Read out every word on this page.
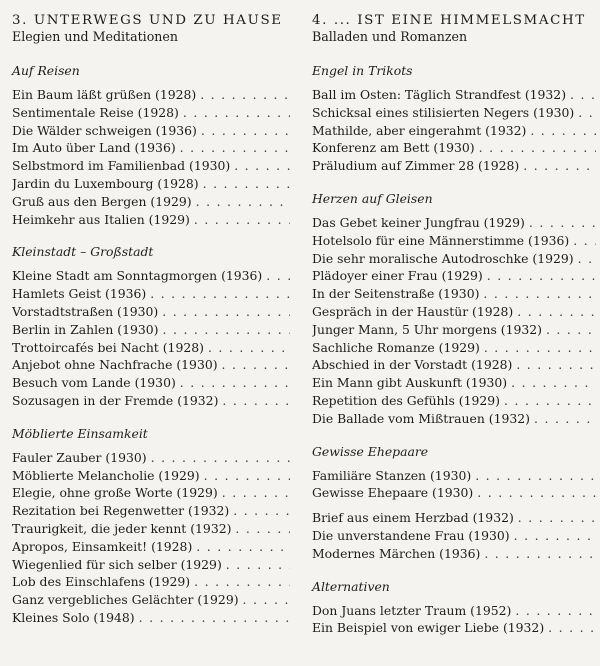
3. UNTERWEGS UND ZU HAUSE
Elegien und Meditationen
Auf Reisen
Ein Baum läßt grüßen (1928)
. . .
Sentimentale Reise (1928)
. . .
Die Wälder schweigen (1936)
. . .
Im Auto über Land (1936)
. . .
Selbstmord im Familienbad (1930)
. . .
Jardin du Luxembourg (1928)
. . .
Gruß aus den Bergen (1929)
. . .
Heimkehr aus Italien (1929)
. . .
Kleinstadt – Großstadt
Kleine Stadt am Sonntagmorgen (1936)
. . .
Hamlets Geist (1936)
. . .
Vorstadtstraßen (1930)
. . .
Berlin in Zahlen (1930)
. . .
Trottoircafés bei Nacht (1928)
. . .
Anjebot ohne Nachfrache (1930)
. . .
Besuch vom Lande (1930)
. . .
Sozusagen in der Fremde (1932)
. . .
Möblierte Einsamkeit
Fauler Zauber (1930)
. . .
Möblierte Melancholie (1929)
. . .
Elegie, ohne große Worte (1929)
. . .
Rezitation bei Regenwetter (1932)
. . .
Traurigkeit, die jeder kennt (1932)
. . .
Apropos, Einsamkeit! (1928)
. . .
Wiegenlied für sich selber (1929)
. . .
Lob des Einschlafens (1929)
. . .
Ganz vergebliches Gelächter (1929)
. . .
Kleines Solo (1948)
. . .
4. ... IST EINE HIMMELSMACHT
Balladen und Romanzen
Engel in Trikots
Ball im Osten: Täglich Strandfest (1932)
. . .
Schicksal eines stilisierten Negers (1930)
. . .
Mathilde, aber eingerahmt (1932)
. . .
Konferenz am Bett (1930)
. . .
Präludium auf Zimmer 28 (1928)
. . .
Herzen auf Gleisen
Das Gebet keiner Jungfrau (1929)
. . .
Hotelsolo für eine Männerstimme (1936)
. . .
Die sehr moralische Autodroschke (1929)
. . .
Plädoyer einer Frau (1929)
. . .
In der Seitenstraße (1930)
. . .
Gespräch in der Haustür (1928)
. . .
Junger Mann, 5 Uhr morgens (1932)
. . .
Sachliche Romanze (1929)
. . .
Abschied in der Vorstadt (1928)
. . .
Ein Mann gibt Auskunft (1930)
. . .
Repetition des Gefühls (1929)
. . .
Die Ballade vom Mißtrauen (1932)
. . .
Gewisse Ehepaare
Familiäre Stanzen (1930)
. . .
Gewisse Ehepaare (1930)
. . .
Brief aus einem Herzbad (1932)
. . .
Die unverstandene Frau (1930)
. . .
Modernes Märchen (1936)
. . .
Alternativen
Don Juans letzter Traum (1952)
. . .
Ein Beispiel von ewiger Liebe (1932)
. . .
